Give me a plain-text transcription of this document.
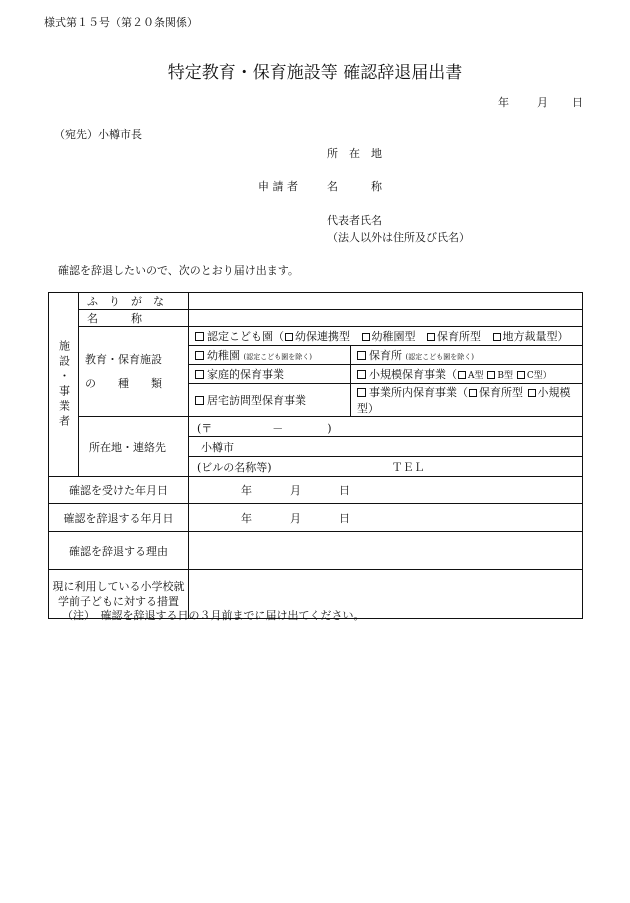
様式第１５号（第２０条関係）
特定教育・保育施設等 確認辞退届出書
年	月 日
（宛先）小樽市長
所　在　地
申 請 者	名　　　称
代表者氏名
（法人以外は住所及び氏名）
確認を辞退したいので、次のとおり届け出ます。
施設・事業者	ふ　り　が　な		
	名　　　称		

	教育・保育施設
の　　種　　類	認定こども園（ 幼保連携型 幼稚園型 保育所型 地方裁量型）	
		幼稚園 (認定こども園を除く)	保育所 (認定こども園を除く)
		家庭的保育事業	小規模保育事業（ A型 B型 C型）
		居宅訪問型保育事業	事業所内保育事業（ 保育所型 小規模型）
	所在地・連絡先	(〒 － )	
		小樽市	
		(ビルの名称等) ＴＥＬ	
確認を受けた年月日		年 月 日	
確認を辞退する年月日		年 月 日	
確認を辞退する理由			

現に利用している小学校就
学前子どもに対する措置			

（注）　確認を辞退する日の３月前までに届け出てください。
